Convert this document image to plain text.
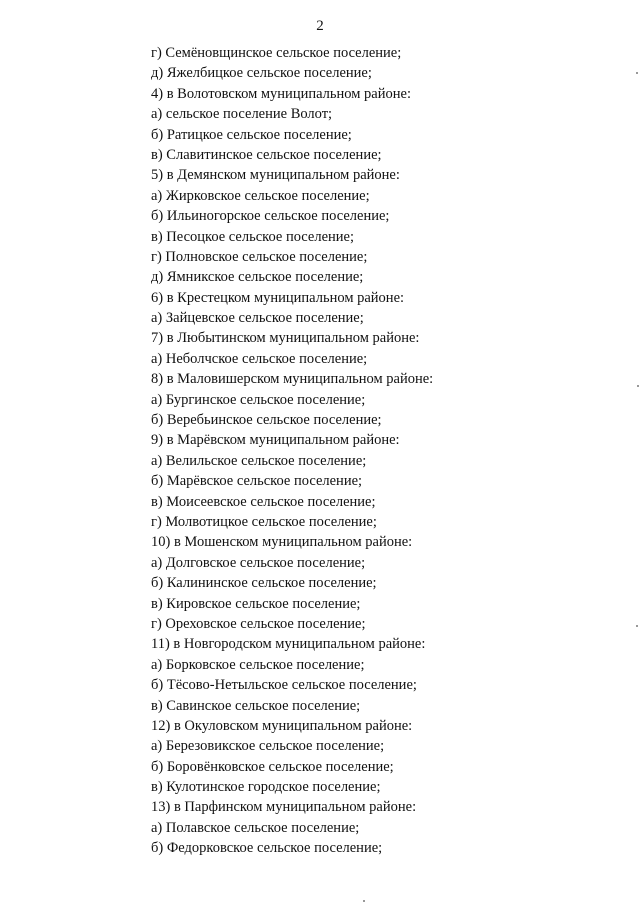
2
г) Семёновщинское сельское поселение;
д) Яжелбицкое сельское поселение;
4) в Волотовском муниципальном районе:
а) сельское поселение Волот;
б) Ратицкое сельское поселение;
в) Славитинское сельское поселение;
5) в Демянском муниципальном районе:
а) Жирковское сельское поселение;
б) Ильиногорское сельское поселение;
в) Песоцкое сельское поселение;
г) Полновское сельское поселение;
д) Ямникское сельское поселение;
6) в Крестецком муниципальном районе:
а) Зайцевское сельское поселение;
7) в Любытинском муниципальном районе:
а) Неболчское сельское поселение;
8) в Маловишерском муниципальном районе:
а) Бургинское сельское поселение;
б) Веребьинское сельское поселение;
9) в Марёвском муниципальном районе:
а) Велильское сельское поселение;
б) Марёвское сельское поселение;
в) Моисеевское сельское поселение;
г) Молвотицкое сельское поселение;
10) в Мошенском муниципальном районе:
а) Долговское сельское поселение;
б) Калининское сельское поселение;
в) Кировское сельское поселение;
г) Ореховское сельское поселение;
11) в Новгородском муниципальном районе:
а) Борковское сельское поселение;
б) Тёсово-Нетыльское сельское поселение;
в) Савинское сельское поселение;
12) в Окуловском муниципальном районе:
а) Березовикское сельское поселение;
б) Боровёнковское сельское поселение;
в) Кулотинское городское поселение;
13) в Парфинском муниципальном районе:
а) Полавское сельское поселение;
б) Федорковское сельское поселение;
